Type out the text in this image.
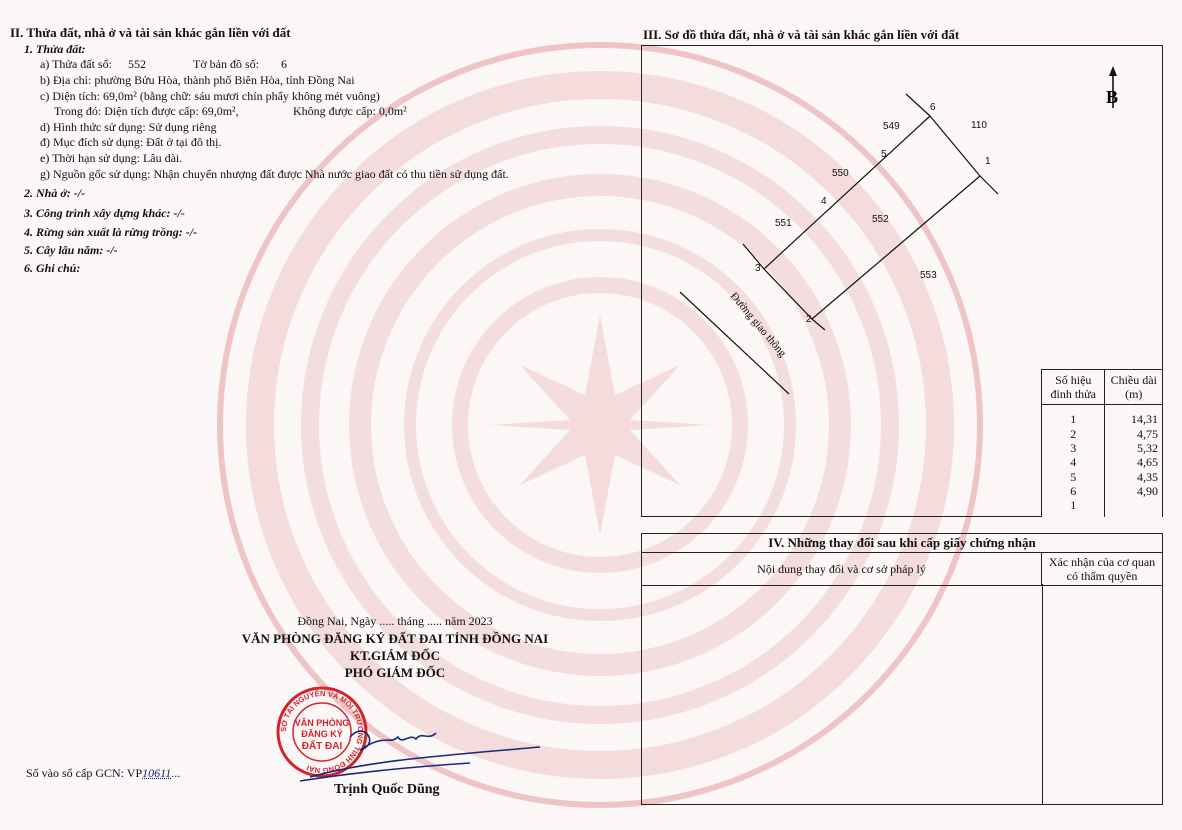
II. Thửa đất, nhà ở và tài sản khác gắn liền với đất
1. Thửa đất:
a) Thửa đất số: 552	Tờ bản đồ số: 6
b) Địa chỉ: phường Bửu Hòa, thành phố Biên Hòa, tỉnh Đồng Nai
c) Diện tích: 69,0m² (bằng chữ: sáu mươi chín phẩy không mét vuông)
Trong đó: Diện tích được cấp: 69,0m²,	Không được cấp: 0,0m²
d) Hình thức sử dụng: Sử dụng riêng
đ) Mục đích sử dụng: Đất ở tại đô thị.
e) Thời hạn sử dụng: Lâu dài.
g) Nguồn gốc sử dụng: Nhận chuyển nhượng đất được Nhà nước giao đất có thu tiền sử dụng đất.
2. Nhà ở: -/-
3. Công trình xây dựng khác: -/-
4. Rừng sản xuất là rừng trồng: -/-
5. Cây lâu năm: -/-
6. Ghi chú:
Đồng Nai, Ngày ..... tháng ..... năm 2023
VĂN PHÒNG ĐĂNG KÝ ĐẤT ĐAI TỈNH ĐỒNG NAI
KT.GIÁM ĐỐC
PHÓ GIÁM ĐỐC
SỞ TÀI NGUYÊN VÀ MÔI TRƯỜNG TỈNH ĐỒNG NAI
VĂN PHÒNG
ĐĂNG KÝ
ĐẤT ĐAI
Trịnh Quốc Dũng
Số vào sổ cấp GCN: VP10611...
III. Sơ đồ thửa đất, nhà ở và tài sản khác gắn liền với đất
B
549	110
550
551	552
553
6
5
1
4
3
2
Đường giao thông
Số hiệu đỉnh thửa	Chiều dài (m)
1	14,31
2	4,75
3	5,32
4	4,65
5	4,35
6	4,90
1	
IV. Những thay đổi sau khi cấp giấy chứng nhận
Nội dung thay đổi và cơ sở pháp lý	Xác nhận của cơ quan có thẩm quyền
